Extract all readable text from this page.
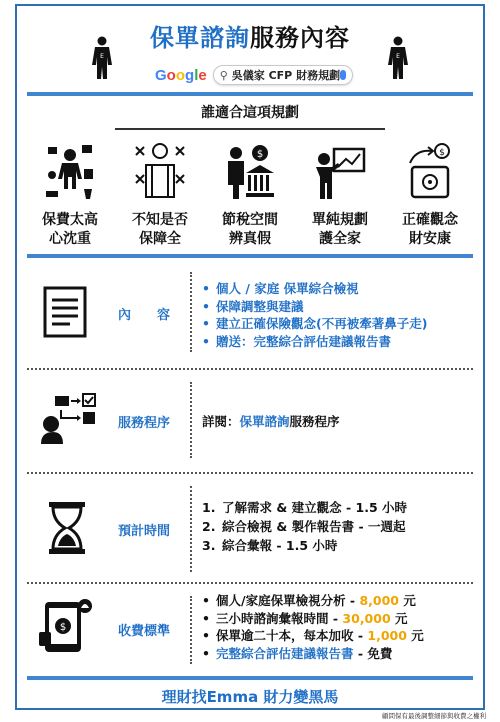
保單諮詢服務內容
E	E
Google ⚲ 吳儀家 CFP 財務規劃
誰適合這項規劃
保費太高
心沈重
不知是否
保障全
$
節稅空間
辨真假
單純規劃
護全家
$
正確觀念
財安康
內　　容
• 個人 / 家庭 保單綜合檢視
• 保障調整與建議
• 建立正確保險觀念(不再被牽著鼻子走)
• 贈送：完整綜合評估建議報告書
服務程序	詳閱：保單諮詢服務程序
預計時間
1. 了解需求 & 建立觀念 - 1.5 小時
2. 綜合檢視 & 製作報告書 - 一週起
3. 綜合彙報 - 1.5 小時
$	收費標準
• 個人/家庭保單檢視分析 - 8,000 元
• 三小時諮詢彙報時間 - 30,000 元
• 保單逾二十本，每本加收 - 1,000 元
• 完整綜合評估建議報告書 - 免費
理財找Emma 財力變黑馬
顧問保有最後調整細節與收費之權利
